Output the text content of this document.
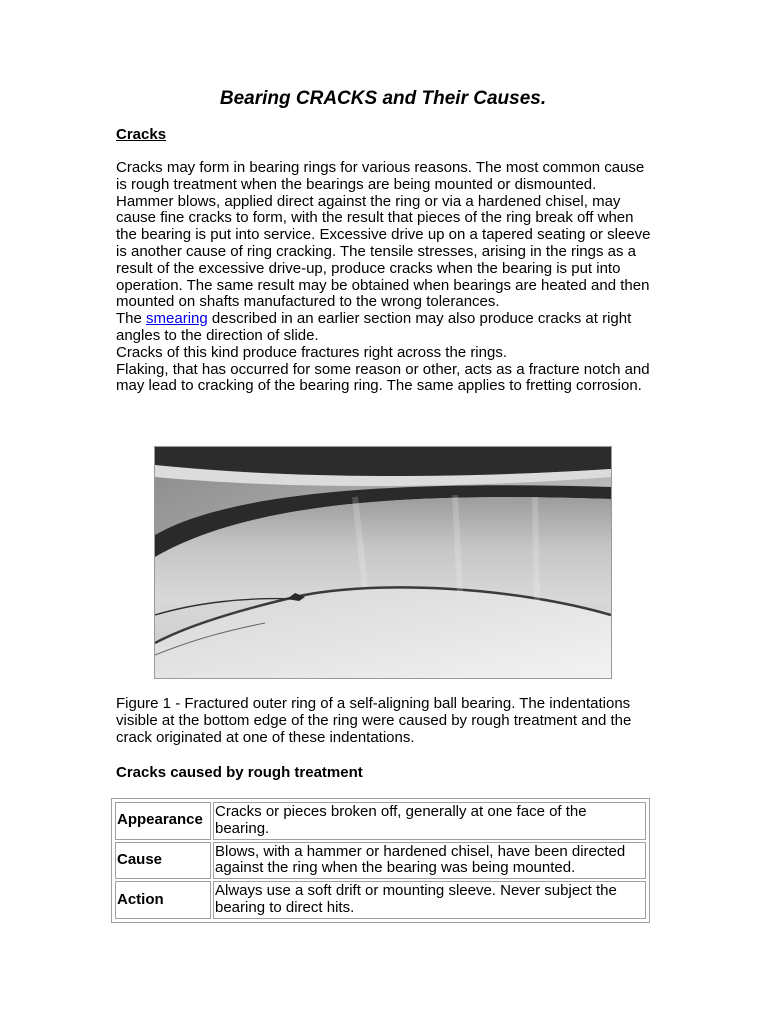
Bearing CRACKS and Their Causes.
Cracks

Cracks may form in bearing rings for various reasons. The most common cause is rough treatment when the bearings are being mounted or dismounted. Hammer blows, applied direct against the ring or via a hardened chisel, may cause fine cracks to form, with the result that pieces of the ring break off when the bearing is put into service. Excessive drive up on a tapered seating or sleeve is another cause of ring cracking. The tensile stresses, arising in the rings as a result of the excessive drive-up, produce cracks when the bearing is put into operation. The same result may be obtained when bearings are heated and then mounted on shafts manufactured to the wrong tolerances.

The smearing described in an earlier section may also produce cracks at right angles to the direction of slide.

Cracks of this kind produce fractures right across the rings.

Flaking, that has occurred for some reason or other, acts as a fracture notch and may lead to cracking of the bearing ring. The same applies to fretting corrosion.

Figure 1 - Fractured outer ring of a self-aligning ball bearing. The indentations visible at the bottom edge of the ring were caused by rough treatment and the crack originated at one of these indentations.

Cracks caused by rough treatment
Appearance	Cracks or pieces broken off, generally at one face of the bearing.
Cause	Blows, with a hammer or hardened chisel, have been directed against the ring when the bearing was being mounted.
Action	Always use a soft drift or mounting sleeve. Never subject the bearing to direct hits.
